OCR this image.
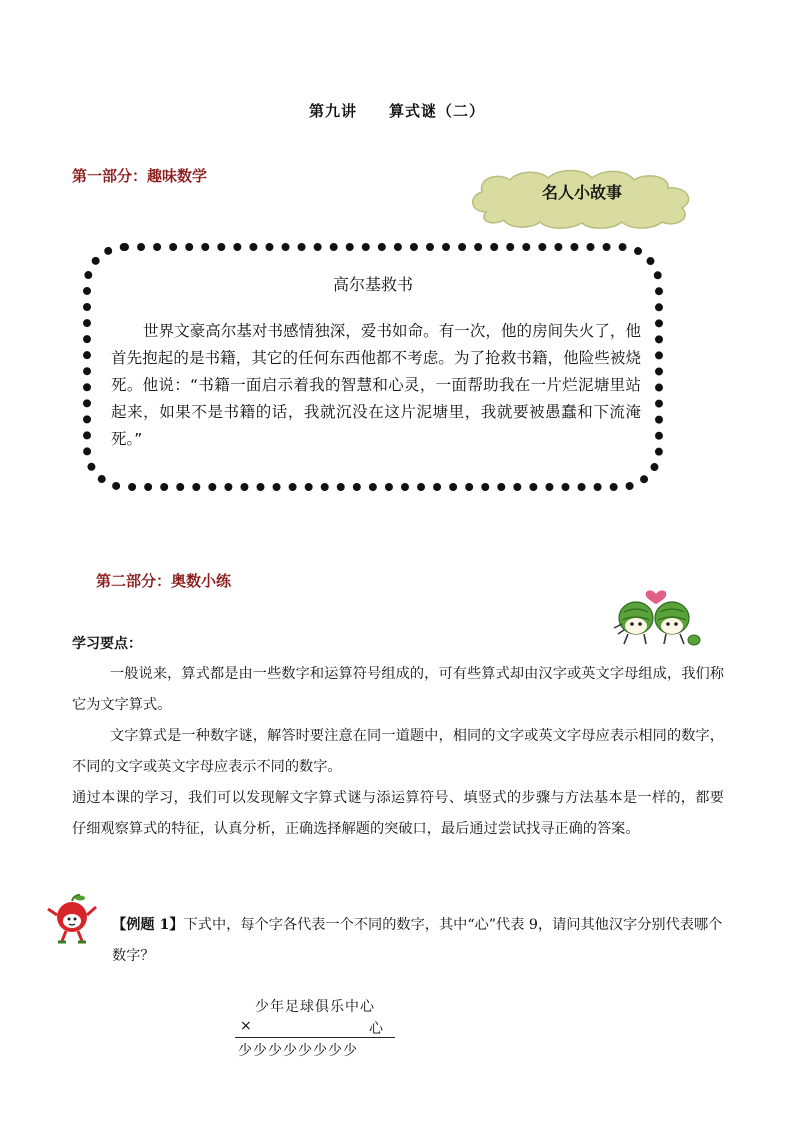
第九讲　　算式谜（二）
第一部分：趣味数学
名人小故事
高尔基救书
世界文豪高尔基对书感情独深，爱书如命。有一次，他的房间失火了，他首先抱起的是书籍，其它的任何东西他都不考虑。为了抢救书籍，他险些被烧死。他说：“书籍一面启示着我的智慧和心灵，一面帮助我在一片烂泥塘里站起来，如果不是书籍的话，我就沉没在这片泥塘里，我就要被愚蠢和下流淹死。”
第二部分：奥数小练
学习要点：
一般说来，算式都是由一些数字和运算符号组成的，可有些算式却由汉字或英文字母组成，我们称它为文字算式。
文字算式是一种数字谜，解答时要注意在同一道题中，相同的文字或英文字母应表示相同的数字，不同的文字或英文字母应表示不同的数字。
通过本课的学习，我们可以发现解文字算式谜与添运算符号、填竖式的步骤与方法基本是一样的，都要仔细观察算式的特征，认真分析，正确选择解题的突破口，最后通过尝试找寻正确的答案。
【例题 1】下式中，每个字各代表一个不同的数字，其中“心”代表 9，请问其他汉字分别代表哪个数字？
少年足球俱乐中心
×	心
少少少少少少少少
